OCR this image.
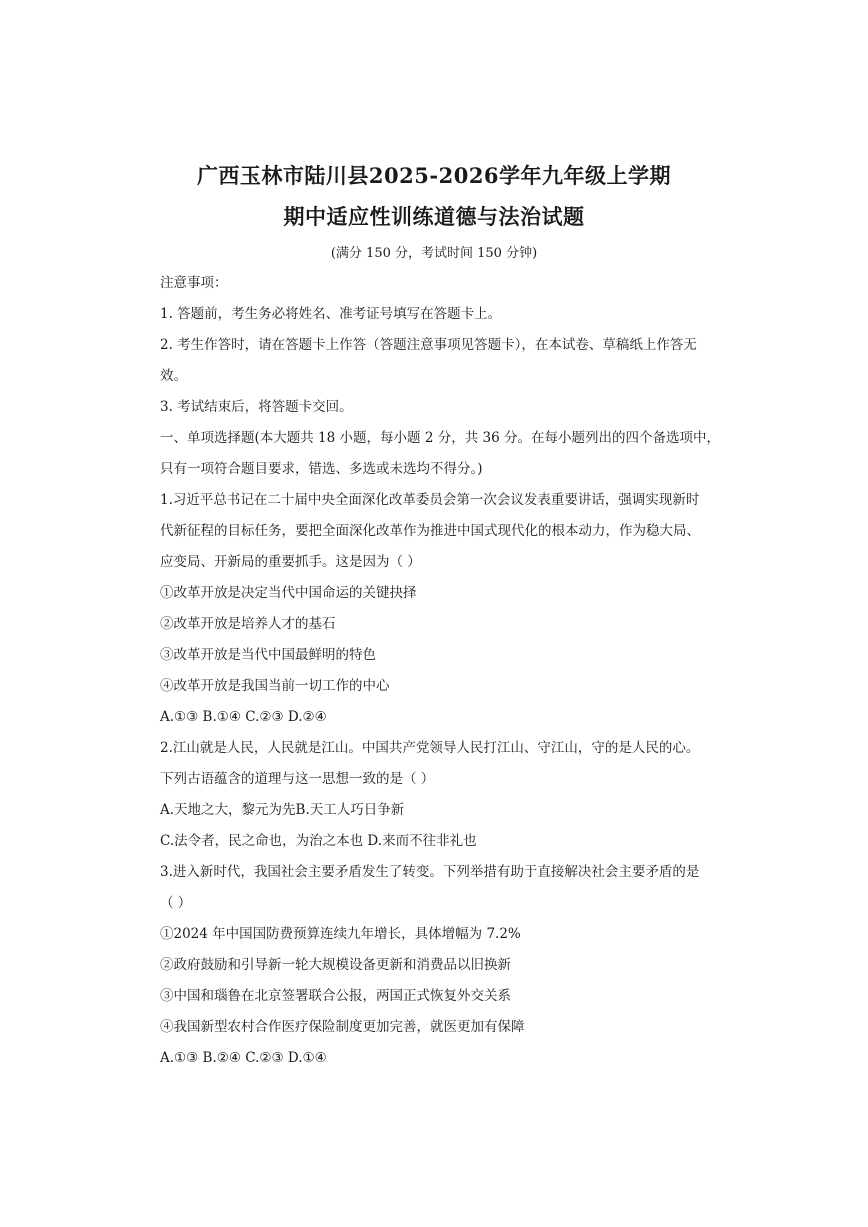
广西玉林市陆川县2025-2026学年九年级上学期
期中适应性训练道德与法治试题
(满分 150 分，考试时间 150 分钟)
注意事项：
1. 答题前，考生务必将姓名、准考证号填写在答题卡上。
2. 考生作答时，请在答题卡上作答（答题注意事项见答题卡），在本试卷、草稿纸上作答无
效。
3. 考试结束后，将答题卡交回。
一、单项选择题(本大题共 18 小题，每小题 2 分，共 36 分。在每小题列出的四个备选项中，
只有一项符合题目要求，错选、多选或未选均不得分。)
1.习近平总书记在二十届中央全面深化改革委员会第一次会议发表重要讲话，强调实现新时
代新征程的目标任务，要把全面深化改革作为推进中国式现代化的根本动力，作为稳大局、
应变局、开新局的重要抓手。这是因为（ ）
①改革开放是决定当代中国命运的关键抉择
②改革开放是培养人才的基石
③改革开放是当代中国最鲜明的特色
④改革开放是我国当前一切工作的中心
A.①③ B.①④ C.②③ D.②④
2.江山就是人民，人民就是江山。中国共产党领导人民打江山、守江山，守的是人民的心。
下列古语蕴含的道理与这一思想一致的是（ ）
A.天地之大，黎元为先B.天工人巧日争新
C.法令者，民之命也，为治之本也 D.来而不往非礼也
3.进入新时代，我国社会主要矛盾发生了转变。下列举措有助于直接解决社会主要矛盾的是
（ ）
①2024 年中国国防费预算连续九年增长，具体增幅为 7.2%
②政府鼓励和引导新一轮大规模设备更新和消费品以旧换新
③中国和瑙鲁在北京签署联合公报，两国正式恢复外交关系
④我国新型农村合作医疗保险制度更加完善，就医更加有保障
A.①③ B.②④ C.②③ D.①④
